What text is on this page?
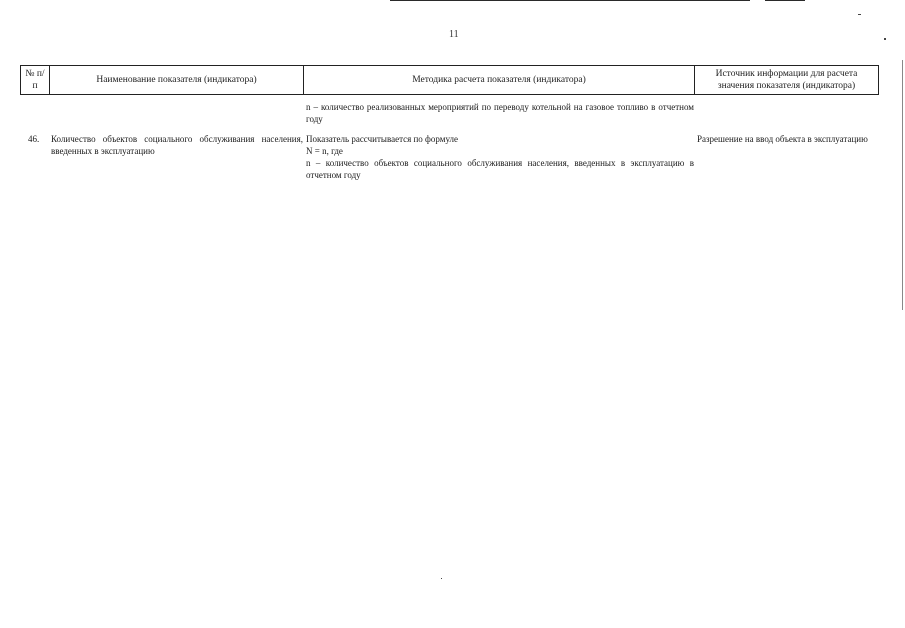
11
№ п/п
Наименование показателя (индикатора)	Методика расчета показателя (индикатора)
Источник информации для расчета значения показателя (индикатора)
n – количество реализованных мероприятий по переводу котельной на газовое топливо в отчетном году
46. Количество объектов социального обслуживания населения, введенных в эксплуатацию
Показатель рассчитывается по формуле
N = n, где
n – количество объектов социального обслуживания населения, введенных в эксплуатацию в отчетном году
Разрешение на ввод объекта в эксплуатацию
